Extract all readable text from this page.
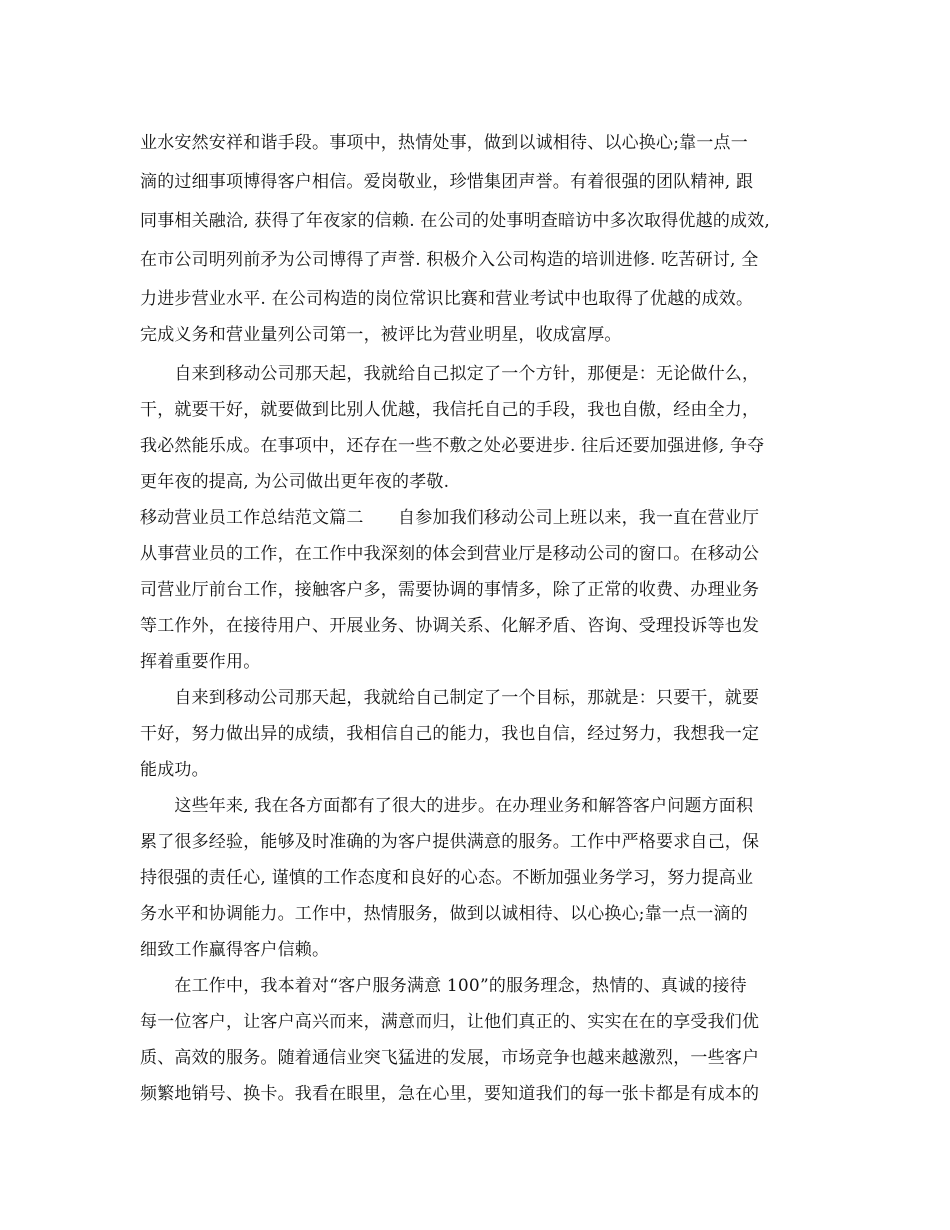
业水安然安祥和谐手段。事项中，热情处事，做到以诚相待、以心换心;靠一点一
滴的过细事项博得客户相信。爱岗敬业，珍惜集团声誉。有着很强的团队精神, 跟
同事相关融洽, 获得了年夜家的信赖. 在公司的处事明查暗访中多次取得优越的成效,
在市公司明列前矛为公司博得了声誉. 积极介入公司构造的培训进修. 吃苦研讨, 全
力进步营业水平. 在公司构造的岗位常识比赛和营业考试中也取得了优越的成效。
完成义务和营业量列公司第一，被评比为营业明星，收成富厚。
　　自来到移动公司那天起，我就给自己拟定了一个方针，那便是：无论做什么，
干，就要干好，就要做到比别人优越，我信托自己的手段，我也自傲，经由全力，
我必然能乐成。在事项中，还存在一些不敷之处必要进步. 往后还要加强进修, 争夺
更年夜的提高, 为公司做出更年夜的孝敬.
移动营业员工作总结范文篇二　　自参加我们移动公司上班以来，我一直在营业厅
从事营业员的工作，在工作中我深刻的体会到营业厅是移动公司的窗口。在移动公
司营业厅前台工作，接触客户多，需要协调的事情多，除了正常的收费、办理业务
等工作外，在接待用户、开展业务、协调关系、化解矛盾、咨询、受理投诉等也发
挥着重要作用。
　　自来到移动公司那天起，我就给自己制定了一个目标，那就是：只要干，就要
干好，努力做出异的成绩，我相信自己的能力，我也自信，经过努力，我想我一定
能成功。
　　这些年来, 我在各方面都有了很大的进步。在办理业务和解答客户问题方面积
累了很多经验，能够及时准确的为客户提供满意的服务。工作中严格要求自己，保
持很强的责任心, 谨慎的工作态度和良好的心态。不断加强业务学习，努力提高业
务水平和协调能力。工作中，热情服务，做到以诚相待、以心换心;靠一点一滴的
细致工作赢得客户信赖。
　　在工作中，我本着对“客户服务满意 100”的服务理念，热情的、真诚的接待
每一位客户，让客户高兴而来，满意而归，让他们真正的、实实在在的享受我们优
质、高效的服务。随着通信业突飞猛进的发展，市场竞争也越来越激烈，一些客户
频繁地销号、换卡。我看在眼里，急在心里，要知道我们的每一张卡都是有成本的
